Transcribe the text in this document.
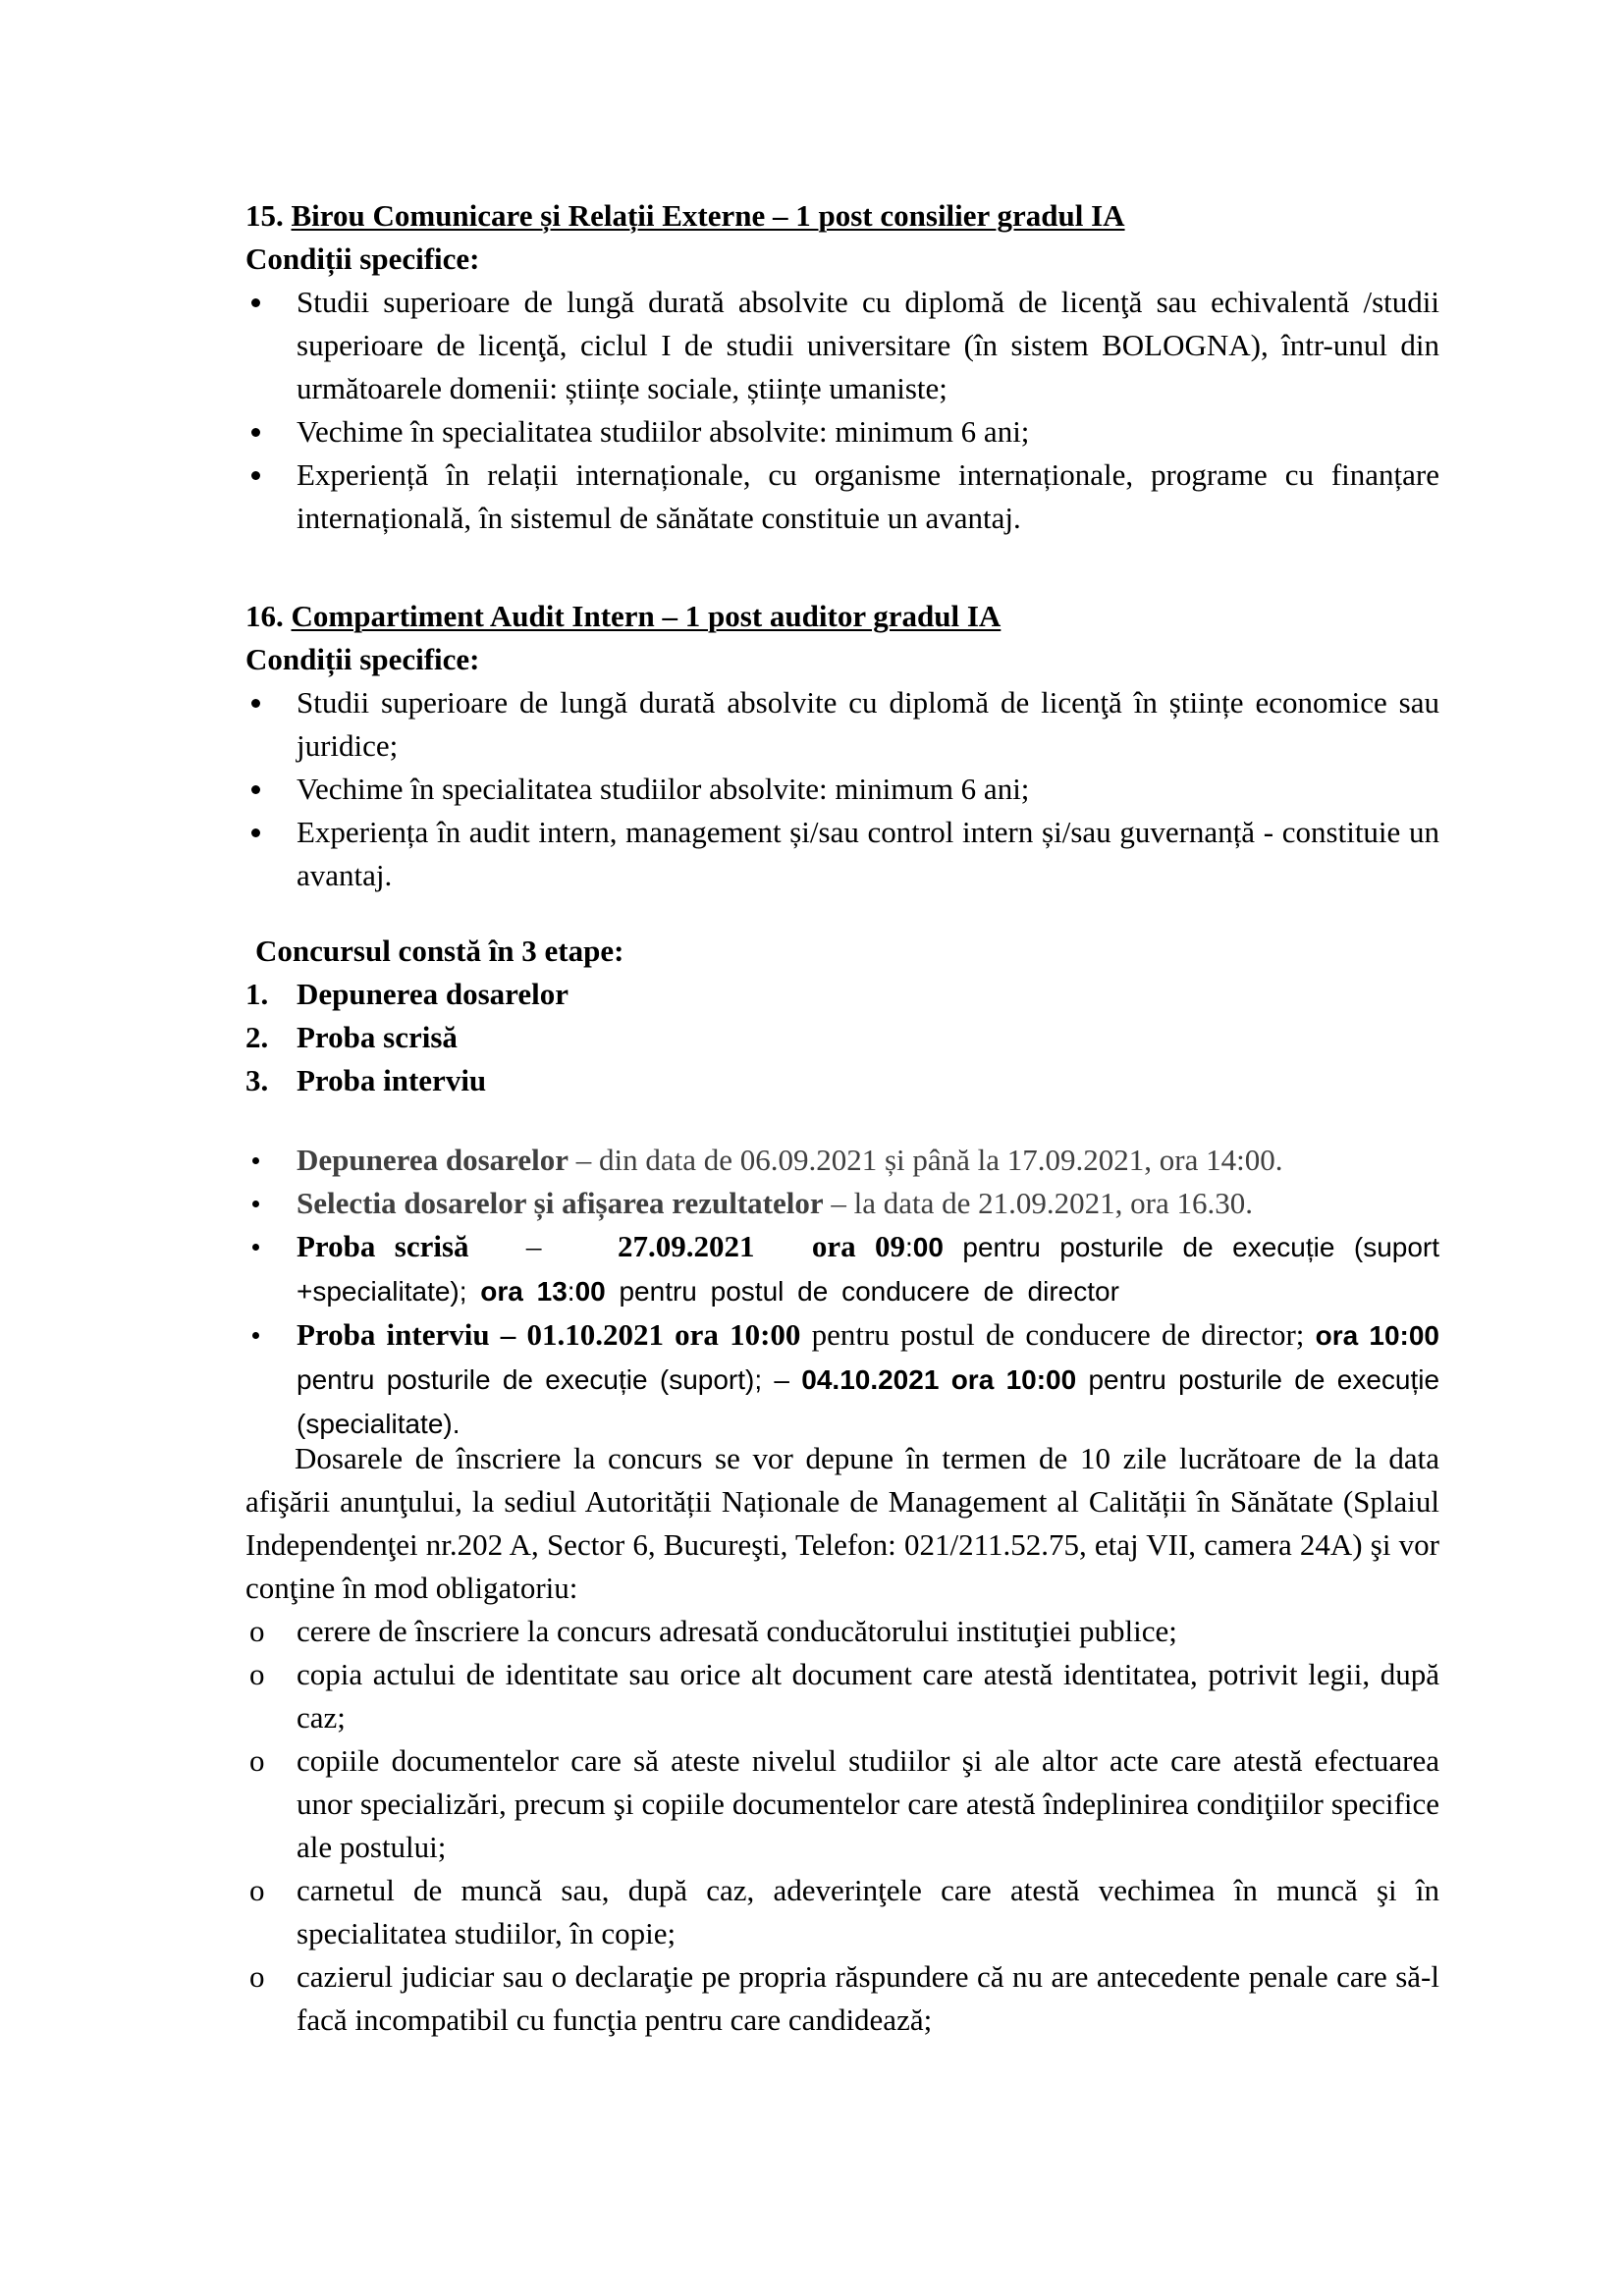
15. Birou Comunicare și Relații Externe – 1 post consilier gradul IA
Condiții specifice:
Studii superioare de lungă durată absolvite cu diplomă de licenţă sau echivalentă /studii superioare de licenţă, ciclul I de studii universitare (în sistem BOLOGNA), într-unul din următoarele domenii: științe sociale, științe umaniste;
Vechime în specialitatea studiilor absolvite: minimum 6 ani;
Experiență în relații internaționale, cu organisme internaționale, programe cu finanțare internațională, în sistemul de sănătate constituie un avantaj.
16. Compartiment Audit Intern – 1 post auditor gradul IA
Condiții specifice:
Studii superioare de lungă durată absolvite cu diplomă de licenţă în științe economice sau juridice;
Vechime în specialitatea studiilor absolvite: minimum 6 ani;
Experiența în audit intern, management și/sau control intern și/sau guvernanță - constituie un avantaj.
Concursul constă în 3 etape:
1. Depunerea dosarelor
2. Proba scrisă
3. Proba interviu
Depunerea dosarelor – din data de 06.09.2021 și până la 17.09.2021, ora 14:00.
Selectia dosarelor și afișarea rezultatelor – la data de 21.09.2021, ora 16.30.
Proba scrisă –	27.09.2021 ora 09:00 pentru posturile de execuție (suport +specialitate); ora 13:00 pentru postul de conducere de director
Proba interviu – 01.10.2021 ora 10:00 pentru postul de conducere de director; ora 10:00 pentru posturile de execuție (suport); – 04.10.2021 ora 10:00 pentru posturile de execuție (specialitate).
Dosarele de înscriere la concurs se vor depune în termen de 10 zile lucrătoare de la data afişării anunţului, la sediul Autorității Naționale de Management al Calității în Sănătate (Splaiul Independenţei nr.202 A, Sector 6, Bucureşti, Telefon: 021/211.52.75, etaj VII, camera 24A) şi vor conţine în mod obligatoriu:
o cerere de înscriere la concurs adresată conducătorului instituţiei publice;
o copia actului de identitate sau orice alt document care atestă identitatea, potrivit legii, după caz;
o copiile documentelor care să ateste nivelul studiilor şi ale altor acte care atestă efectuarea unor specializări, precum şi copiile documentelor care atestă îndeplinirea condiţiilor specifice ale postului;
o carnetul de muncă sau, după caz, adeverinţele care atestă vechimea în muncă şi în specialitatea studiilor, în copie;
o cazierul judiciar sau o declaraţie pe propria răspundere că nu are antecedente penale care să-l facă incompatibil cu funcţia pentru care candidează;
